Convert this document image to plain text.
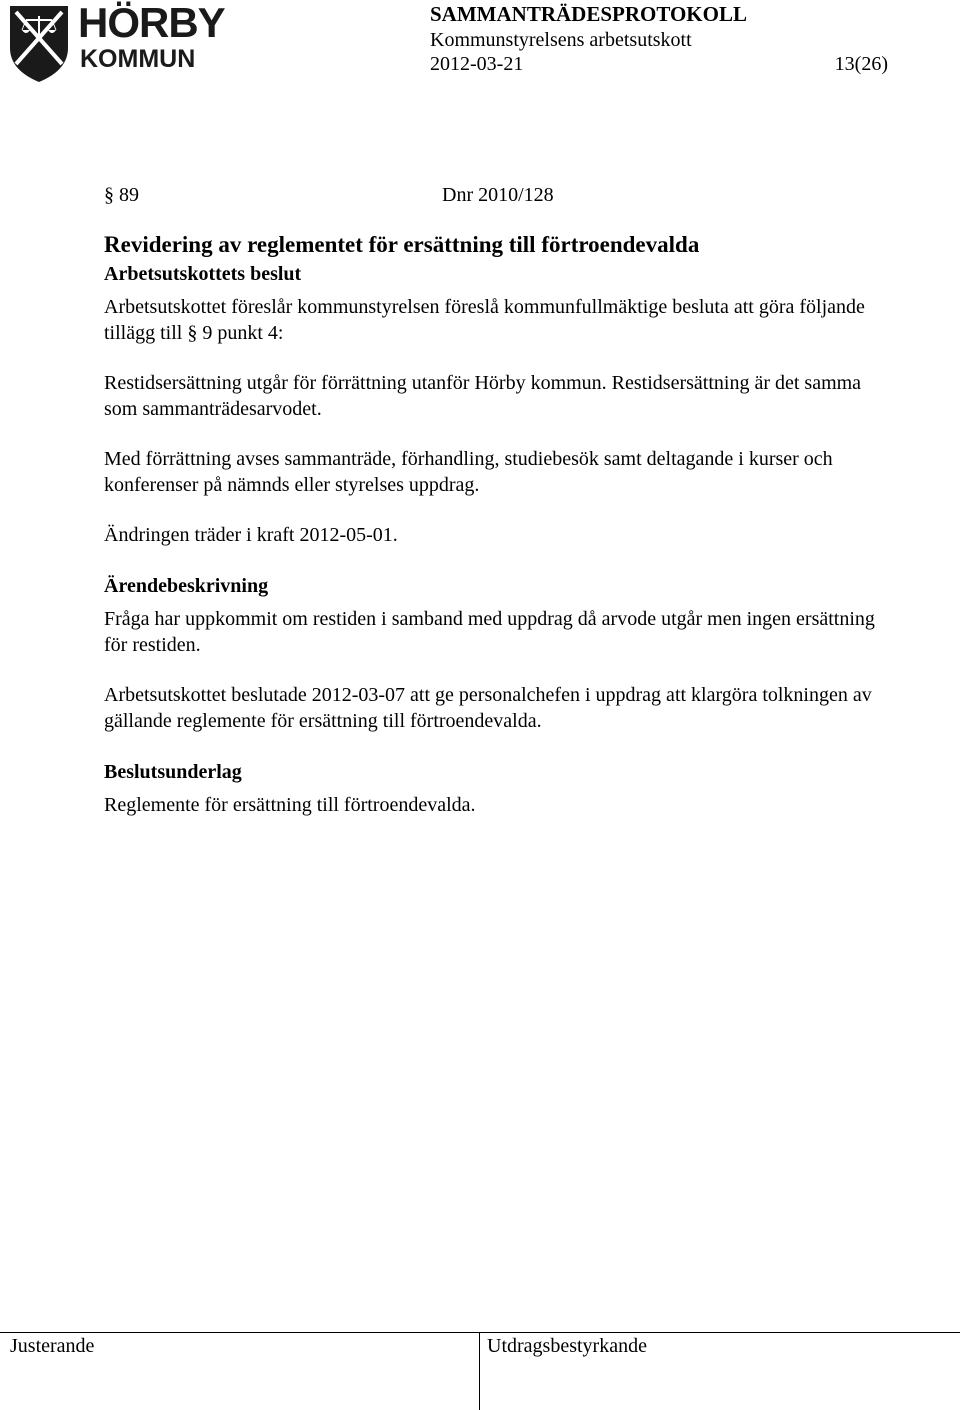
HÖRBY
KOMMUN
SAMMANTRÄDESPROTOKOLL
Kommunstyrelsens arbetsutskott
2012-03-21	13(26)
§ 89	Dnr 2010/128
Revidering av reglementet för ersättning till förtroendevalda
Arbetsutskottets beslut

Arbetsutskottet föreslår kommunstyrelsen föreslå kommunfullmäktige besluta att göra följande tillägg till § 9 punkt 4:

Restidsersättning utgår för förrättning utanför Hörby kommun. Restidsersättning är det samma som sammanträdesarvodet.

Med förrättning avses sammanträde, förhandling, studiebesök samt deltagande i kurser och konferenser på nämnds eller styrelses uppdrag.

Ändringen träder i kraft 2012-05-01.

Ärendebeskrivning

Fråga har uppkommit om restiden i samband med uppdrag då arvode utgår men ingen ersättning för restiden.

Arbetsutskottet beslutade 2012-03-07 att ge personalchefen i uppdrag att klargöra tolkningen av gällande reglemente för ersättning till förtroendevalda.

Beslutsunderlag

Reglemente för ersättning till förtroendevalda.

Justerande	Utdragsbestyrkande
